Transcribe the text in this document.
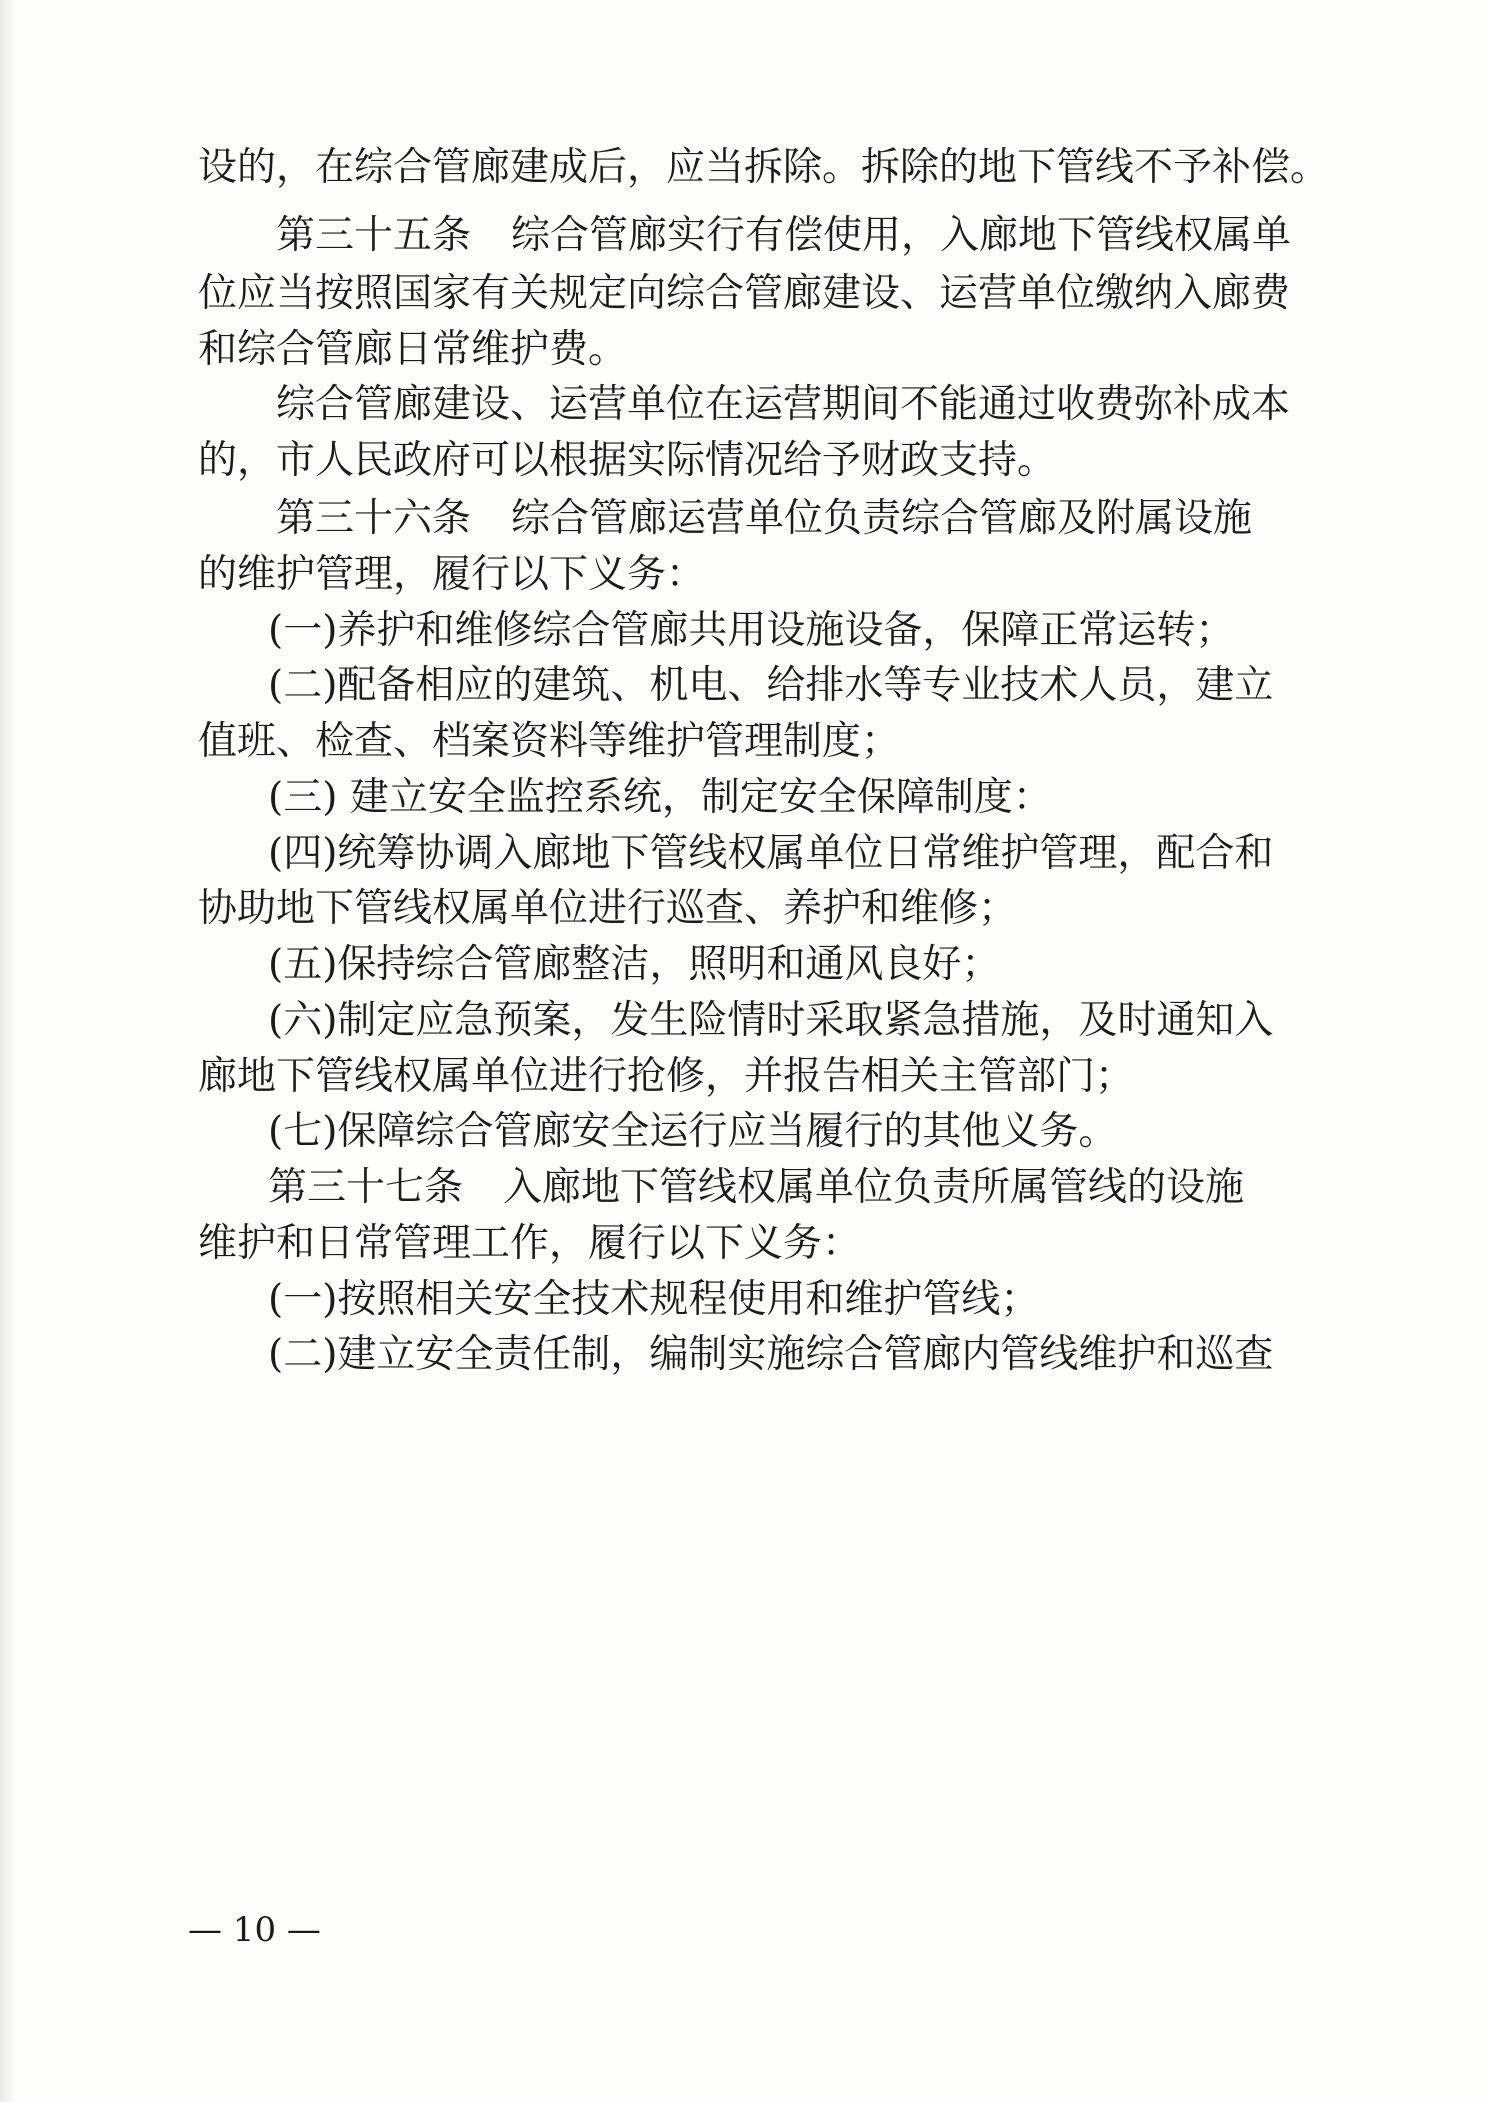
设的，在综合管廊建成后，应当拆除。拆除的地下管线不予补偿。
第三十五条 综合管廊实行有偿使用，入廊地下管线权属单
位应当按照国家有关规定向综合管廊建设、运营单位缴纳入廊费
和综合管廊日常维护费。
综合管廊建设、运营单位在运营期间不能通过收费弥补成本
的，市人民政府可以根据实际情况给予财政支持。
第三十六条 综合管廊运营单位负责综合管廊及附属设施
的维护管理，履行以下义务：
(一)养护和维修综合管廊共用设施设备，保障正常运转；
(二)配备相应的建筑、机电、给排水等专业技术人员，建立
值班、检查、档案资料等维护管理制度；
(三) 建立安全监控系统，制定安全保障制度：
(四)统筹协调入廊地下管线权属单位日常维护管理，配合和
协助地下管线权属单位进行巡查、养护和维修；
(五)保持综合管廊整洁，照明和通风良好；
(六)制定应急预案，发生险情时采取紧急措施，及时通知入
廊地下管线权属单位进行抢修，并报告相关主管部门；
(七)保障综合管廊安全运行应当履行的其他义务。
第三十七条 入廊地下管线权属单位负责所属管线的设施
维护和日常管理工作，履行以下义务：
(一)按照相关安全技术规程使用和维护管线；
(二)建立安全责任制，编制实施综合管廊内管线维护和巡查
— 10 —
